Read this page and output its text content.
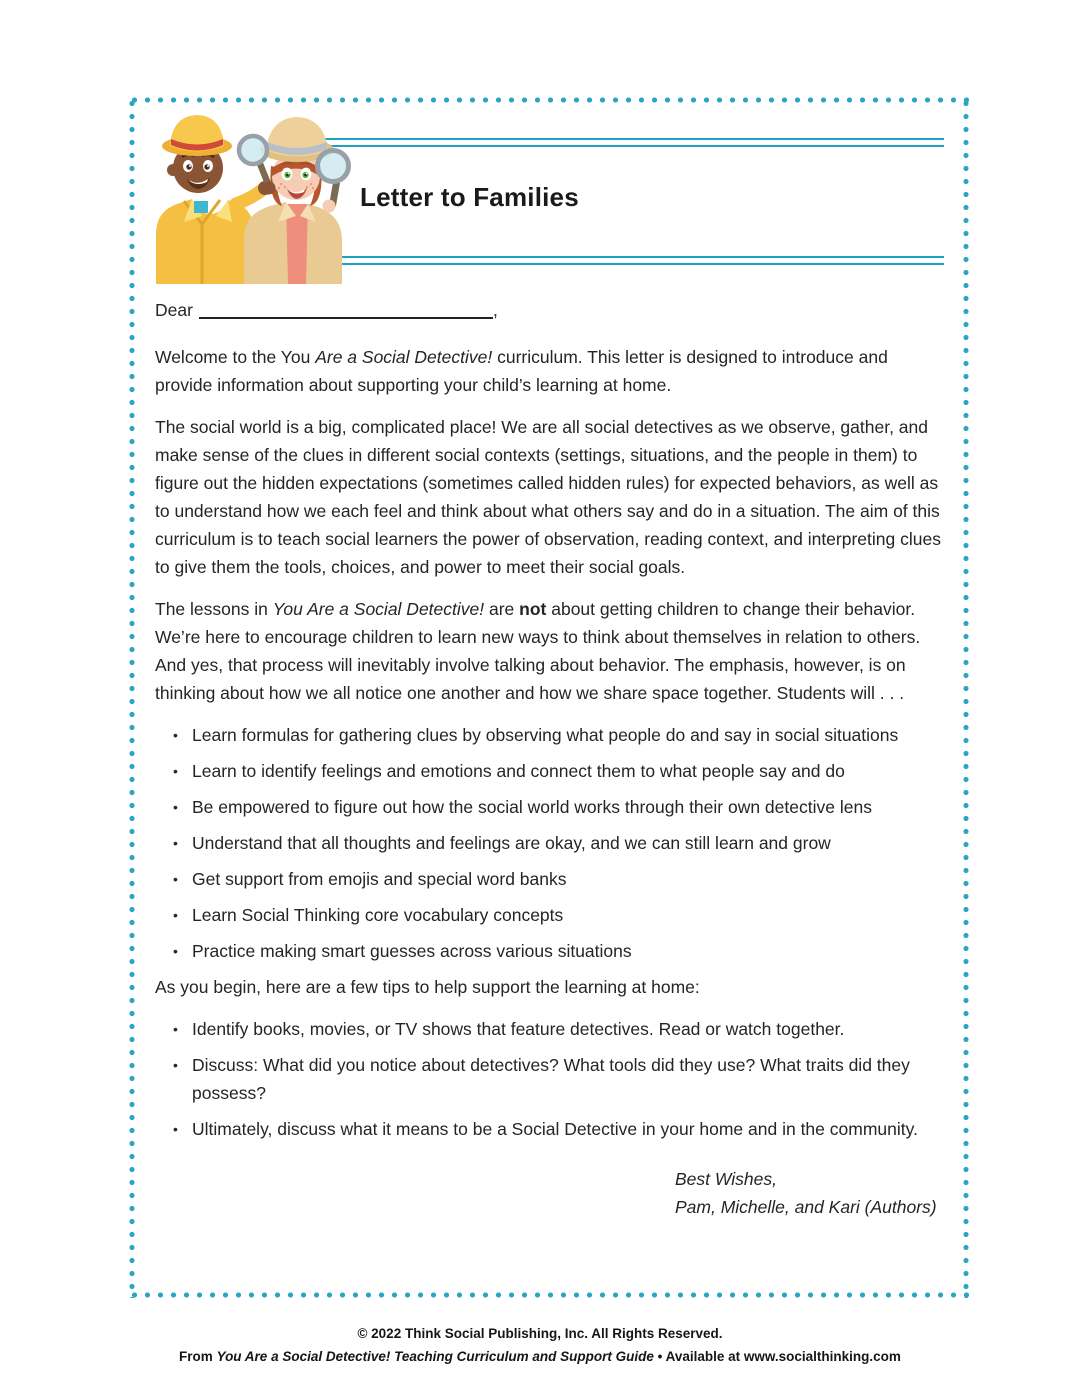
Letter to Families
Dear	,

Welcome to the You Are a Social Detective! curriculum. This letter is designed to introduce and provide information about supporting your child’s learning at home.

The social world is a big, complicated place! We are all social detectives as we observe, gather, and make sense of the clues in different social contexts (settings, situations, and the people in them) to figure out the hidden expectations (sometimes called hidden rules) for expected behaviors, as well as to understand how we each feel and think about what others say and do in a situation. The aim of this curriculum is to teach social learners the power of observation, reading context, and interpreting clues to give them the tools, choices, and power to meet their social goals.

The lessons in You Are a Social Detective! are not about getting children to change their behavior. We’re here to encourage children to learn new ways to think about themselves in relation to others. And yes, that process will inevitably involve talking about behavior. The emphasis, however, is on thinking about how we all notice one another and how we share space together. Students will . . .

• Learn formulas for gathering clues by observing what people do and say in social situations
• Learn to identify feelings and emotions and connect them to what people say and do
• Be empowered to figure out how the social world works through their own detective lens
• Understand that all thoughts and feelings are okay, and we can still learn and grow
• Get support from emojis and special word banks
• Learn Social Thinking core vocabulary concepts
• Practice making smart guesses across various situations

As you begin, here are a few tips to help support the learning at home:

• Identify books, movies, or TV shows that feature detectives. Read or watch together.
• Discuss: What did you notice about detectives? What tools did they use? What traits did they possess?
• Ultimately, discuss what it means to be a Social Detective in your home and in the community.
Best Wishes,
Pam, Michelle, and Kari (Authors)
© 2022 Think Social Publishing, Inc. All Rights Reserved.
From You Are a Social Detective! Teaching Curriculum and Support Guide • Available at www.socialthinking.com
